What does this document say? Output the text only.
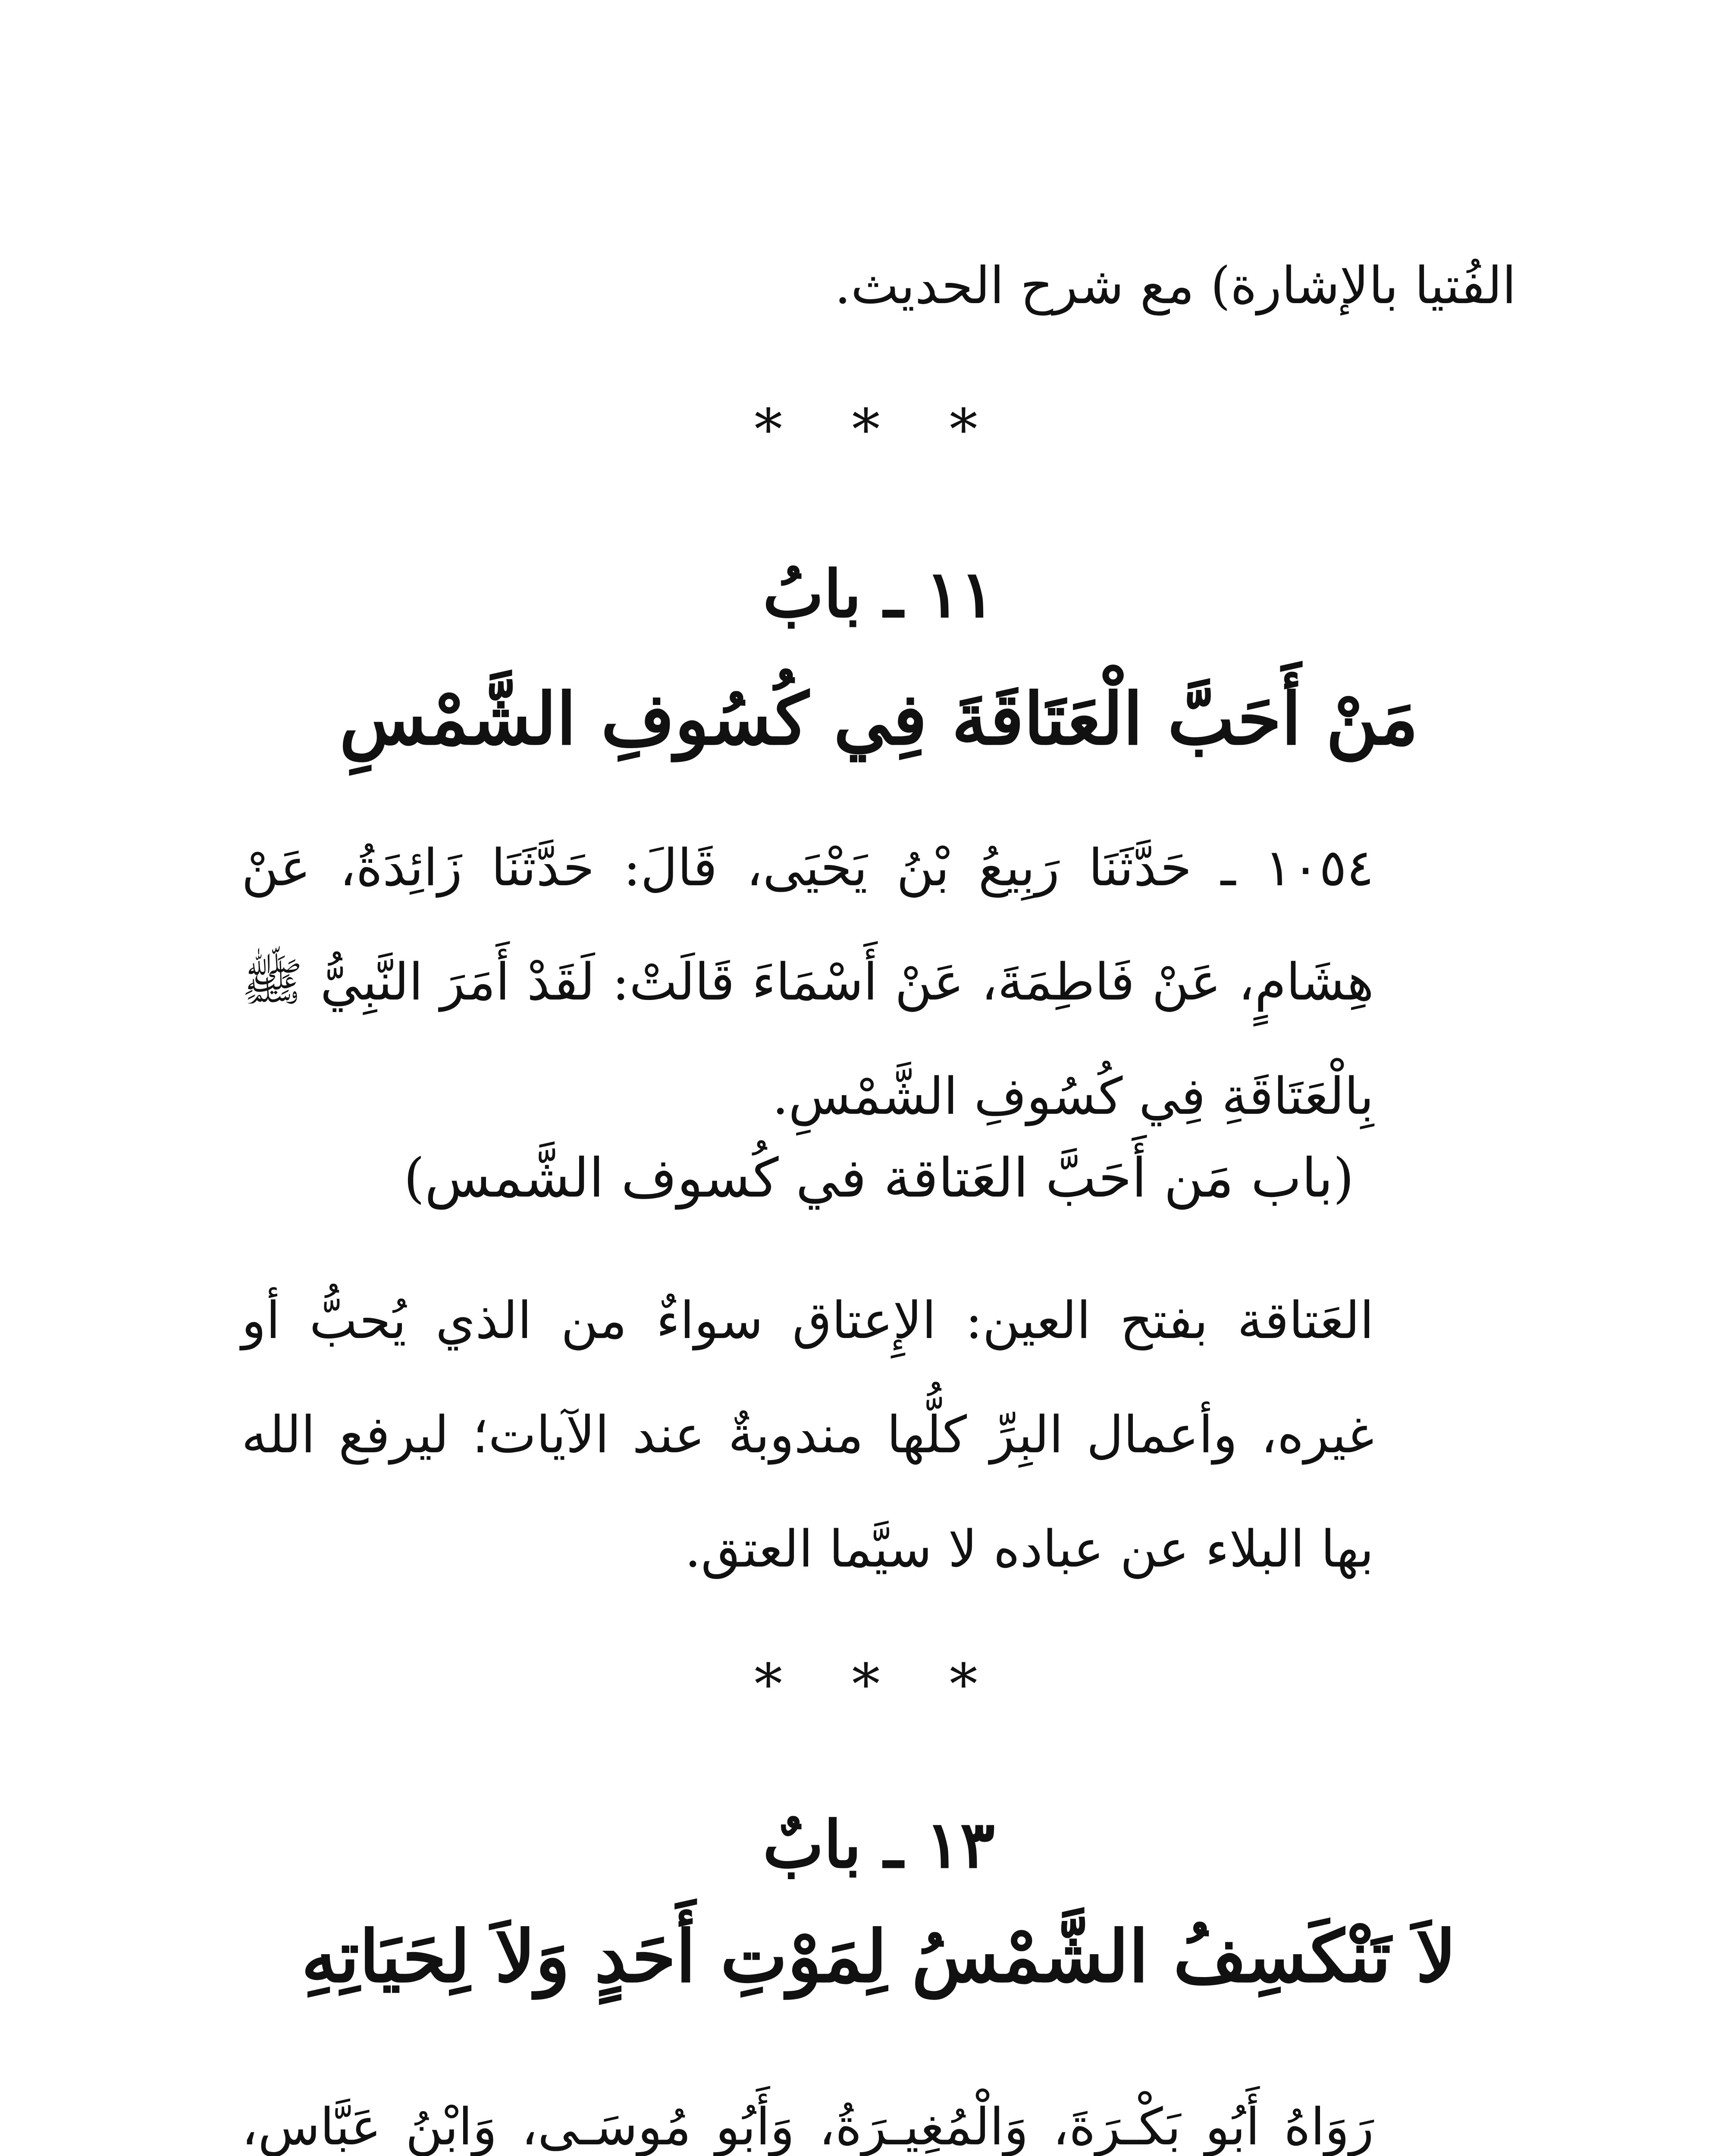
الفُتيا بالإشارة) مع شرح الحديث.

* * *
١١ ـ بابُ
مَنْ أَحَبَّ الْعَتَاقَةَ فِي كُسُوفِ الشَّمْسِ

١٠٥٤ ـ حَدَّثَنَا رَبِيعُ بْنُ يَحْيَى، قَالَ: حَدَّثَنَا زَائِدَةُ، عَنْ هِشَامٍ، عَنْ فَاطِمَةَ، عَنْ أَسْمَاءَ قَالَتْ: لَقَدْ أَمَرَ النَّبِيُّ ﷺ بِالْعَتَاقَةِ فِي كُسُوفِ الشَّمْسِ.

(باب مَن أَحَبَّ العَتاقة في كُسوف الشَّمس)

العَتاقة بفتح العين: الإِعتاق سواءٌ من الذي يُحبُّ أو غيره، وأعمال البِرِّ كلُّها مندوبةٌ عند الآيات؛ ليرفع الله بها البلاء عن عباده لا سيَّما العتق.

* * *
١٣ ـ بابٌ
لاَ تَنْكَسِفُ الشَّمْسُ لِمَوْتِ أَحَدٍ وَلاَ لِحَيَاتِهِ

رَوَاهُ أَبُو بَكْـرَةَ، وَالْمُغِيـرَةُ، وَأَبُو مُوسَـى، وَابْنُ عَبَّاسٍ،
